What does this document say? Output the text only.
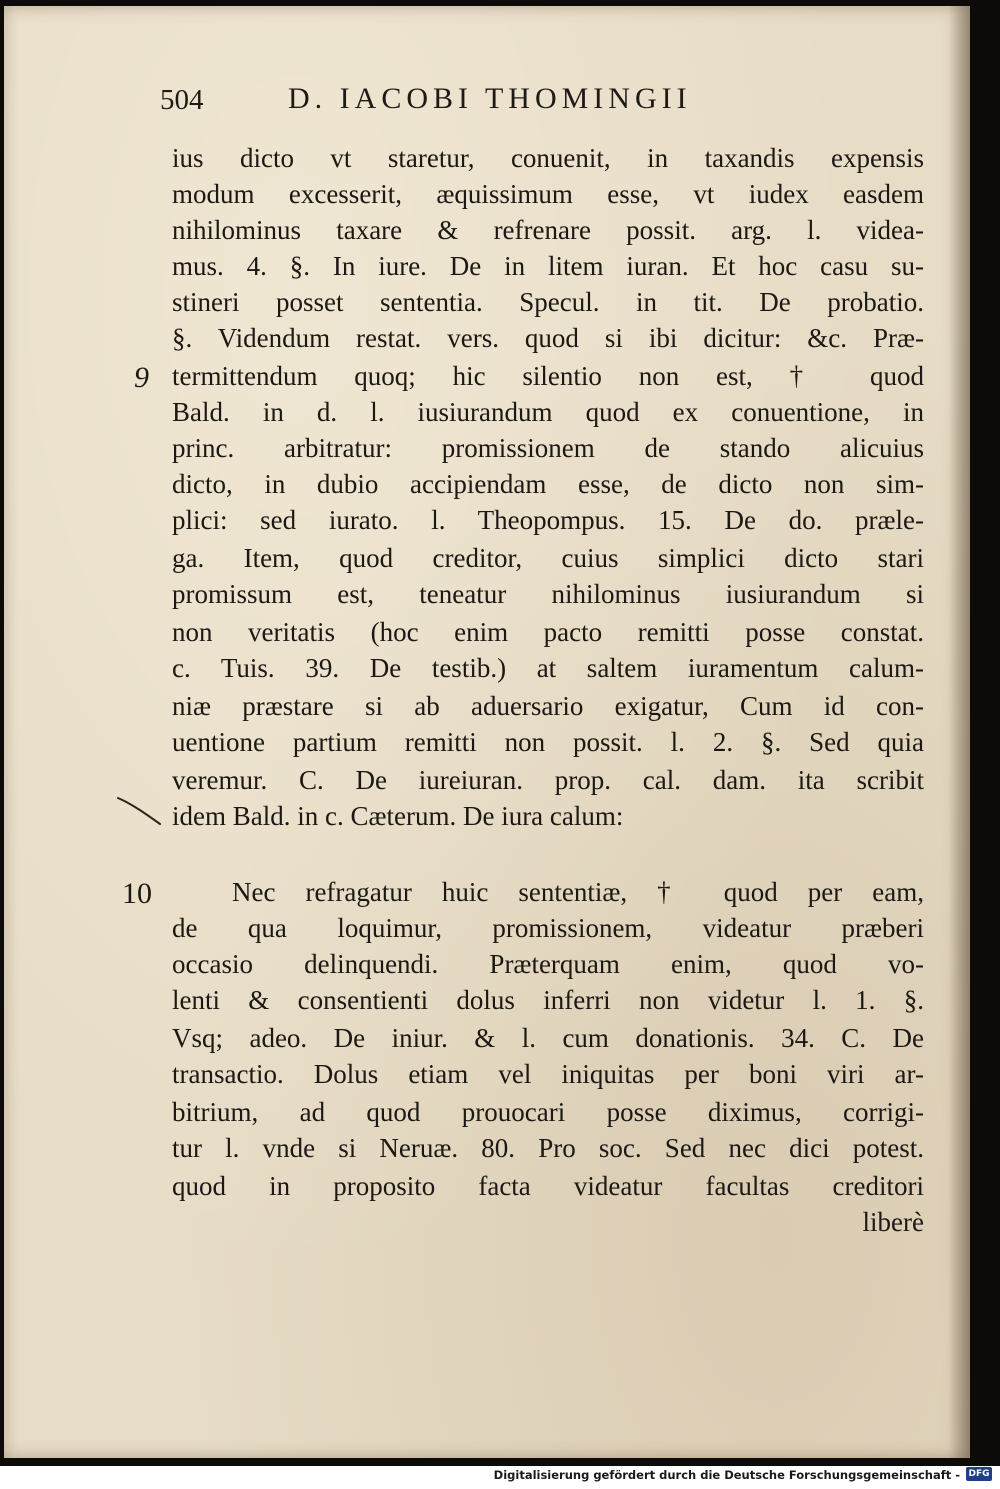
504	D. IACOBI THOMINGII
ius dicto vt staretur, conuenit, in taxandis expensis
modum excesserit, æquissimum esse, vt iudex easdem
nihilominus taxare & refrenare possit. arg. l. videa-
mus. 4. §. In iure. De in litem iuran. Et hoc casu su-
stineri posset sententia. Specul. in tit. De probatio.
§. Videndum restat. vers. quod si ibi dicitur: &c. Præ-
termittendum quoq; hic silentio non est, † quod
Bald. in d. l. iusiurandum quod ex conuentione, in
princ. arbitratur: promissionem de stando alicuius
dicto, in dubio accipiendam esse, de dicto non sim-
plici: sed iurato. l. Theopompus. 15. De do. præle-
ga. Item, quod creditor, cuius simplici dicto stari
promissum est, teneatur nihilominus iusiurandum si
non veritatis (hoc enim pacto remitti posse constat.
c. Tuis. 39. De testib.) at saltem iuramentum calum-
niæ præstare si ab aduersario exigatur, Cum id con-
uentione partium remitti non possit. l. 2. §. Sed quia
veremur. C. De iureiuran. prop. cal. dam. ita scribit
idem Bald. in c. Cæterum. De iura calum:
Nec refragatur huic sententiæ, † quod per eam,
de qua loquimur, promissionem, videatur præberi
occasio delinquendi. Præterquam enim, quod vo-
lenti & consentienti dolus inferri non videtur l. 1. §.
Vsq; adeo. De iniur. & l. cum donationis. 34. C. De
transactio. Dolus etiam vel iniquitas per boni viri ar-
bitrium, ad quod prouocari posse diximus, corrigi-
tur l. vnde si Neruæ. 80. Pro soc. Sed nec dici potest.
quod in proposito facta videatur facultas creditori
liberè
9
10
Digitalisierung gefördert durch die Deutsche Forschungsgemeinschaft - DFG
